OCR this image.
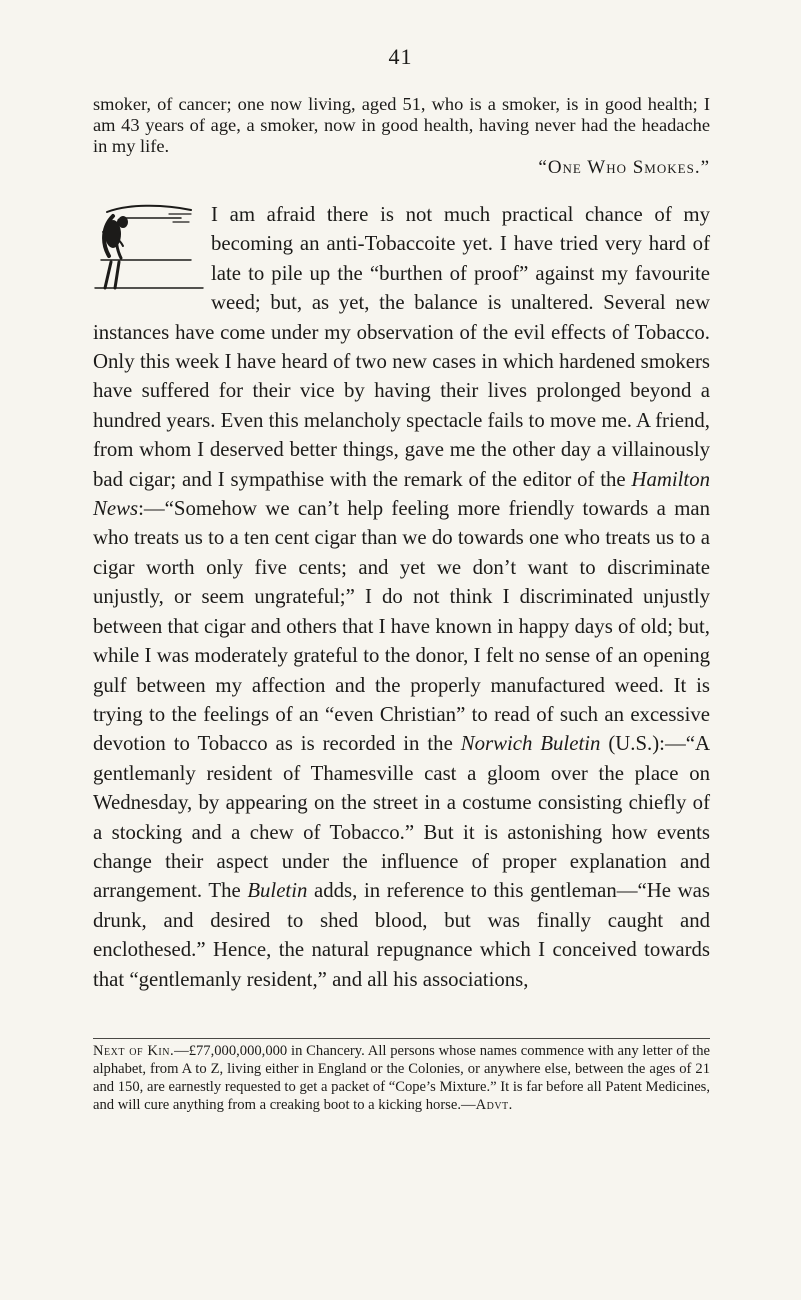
41

smoker, of cancer; one now living, aged 51, who is a smoker, is in good health; I am 43 years of age, a smoker, now in good health, having never had the headache in my life.

“One Who Smokes.”

I am afraid there is not much practical chance of my becoming an anti-Tobaccoite yet. I have tried very hard of late to pile up the “burthen of proof” against my favourite weed; but, as yet, the balance is unaltered. Several new instances have come under my observation of the evil effects of Tobacco. Only this week I have heard of two new cases in which hardened smokers have suffered for their vice by having their lives prolonged beyond a hundred years. Even this melancholy spectacle fails to move me. A friend, from whom I deserved better things, gave me the other day a villainously bad cigar; and I sympathise with the remark of the editor of the Hamilton News:—“Somehow we can’t help feeling more friendly towards a man who treats us to a ten cent cigar than we do towards one who treats us to a cigar worth only five cents; and yet we don’t want to discriminate unjustly, or seem ungrateful;” I do not think I discriminated unjustly between that cigar and others that I have known in happy days of old; but, while I was moderately grateful to the donor, I felt no sense of an opening gulf between my affection and the properly manufactured weed. It is trying to the feelings of an “even Christian” to read of such an excessive devotion to Tobacco as is recorded in the Norwich Buletin (U.S.):—“A gentlemanly resident of Thamesville cast a gloom over the place on Wednesday, by appearing on the street in a costume consisting chiefly of a stocking and a chew of Tobacco.” But it is astonishing how events change their aspect under the influence of proper explanation and arrangement. The Buletin adds, in reference to this gentleman—“He was drunk, and desired to shed blood, but was finally caught and enclothesed.” Hence, the natural repugnance which I conceived towards that “gentlemanly resident,” and all his associations,

Next of Kin.—£77,000,000,000 in Chancery. All persons whose names commence with any letter of the alphabet, from A to Z, living either in England or the Colonies, or anywhere else, between the ages of 21 and 150, are earnestly requested to get a packet of “Cope’s Mixture.” It is far before all Patent Medicines, and will cure anything from a creaking boot to a kicking horse.—Advt.
